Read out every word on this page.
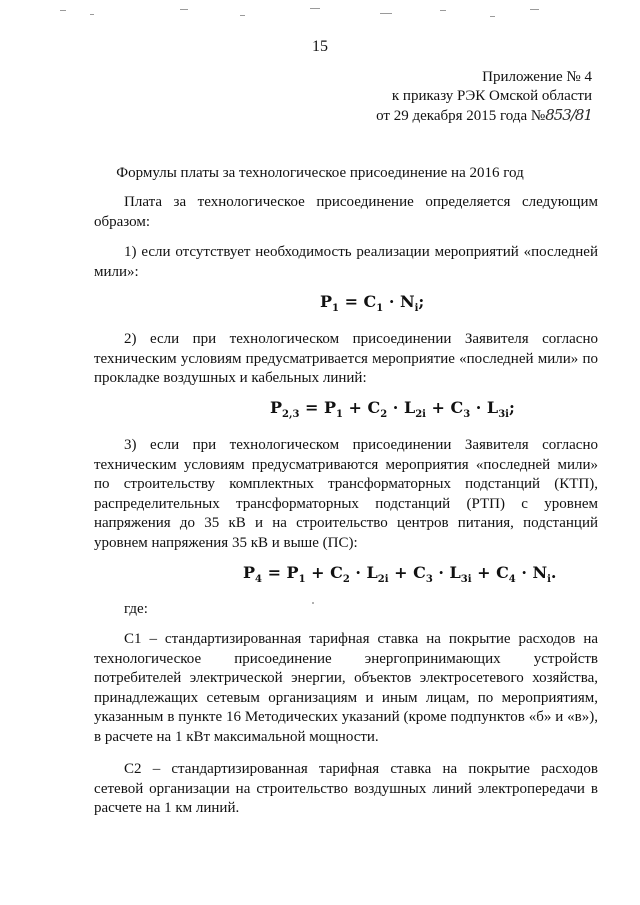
15
Приложение № 4
к приказу РЭК Омской области
от 29 декабря 2015 года №853/81
Формулы платы за технологическое присоединение на 2016 год
Плата за технологическое присоединение определяется следующим образом:
1) если отсутствует необходимость реализации мероприятий «последней мили»:
$P_1 = C_1 \cdot N_i$;
2) если при технологическом присоединении Заявителя согласно техническим условиям предусматривается мероприятие «последней мили» по прокладке воздушных и кабельных линий:
$P_{2,3} = P_1 + C_2 \cdot L_{2i} + C_3 \cdot L_{3i}$;
3) если при технологическом присоединении Заявителя согласно техническим условиям предусматриваются мероприятия «последней мили» по строительству комплектных трансформаторных подстанций (КТП), распределительных трансформаторных подстанций (РТП) с уровнем напряжения до 35 кВ и на строительство центров питания, подстанций уровнем напряжения 35 кВ и выше (ПС):
$P_4 = P_1 + C_2 \cdot L_{2i} + C_3 \cdot L_{3i} + C_4 \cdot N_i$.
где:
С1 – стандартизированная тарифная ставка на покрытие расходов на технологическое присоединение энергопринимающих устройств потребителей электрической энергии, объектов электросетевого хозяйства, принадлежащих сетевым организациям и иным лицам, по мероприятиям, указанным в пункте 16 Методических указаний (кроме подпунктов «б» и «в»), в расчете на 1 кВт максимальной мощности.
С2 – стандартизированная тарифная ставка на покрытие расходов сетевой организации на строительство воздушных линий электропередачи в расчете на 1 км линий.
